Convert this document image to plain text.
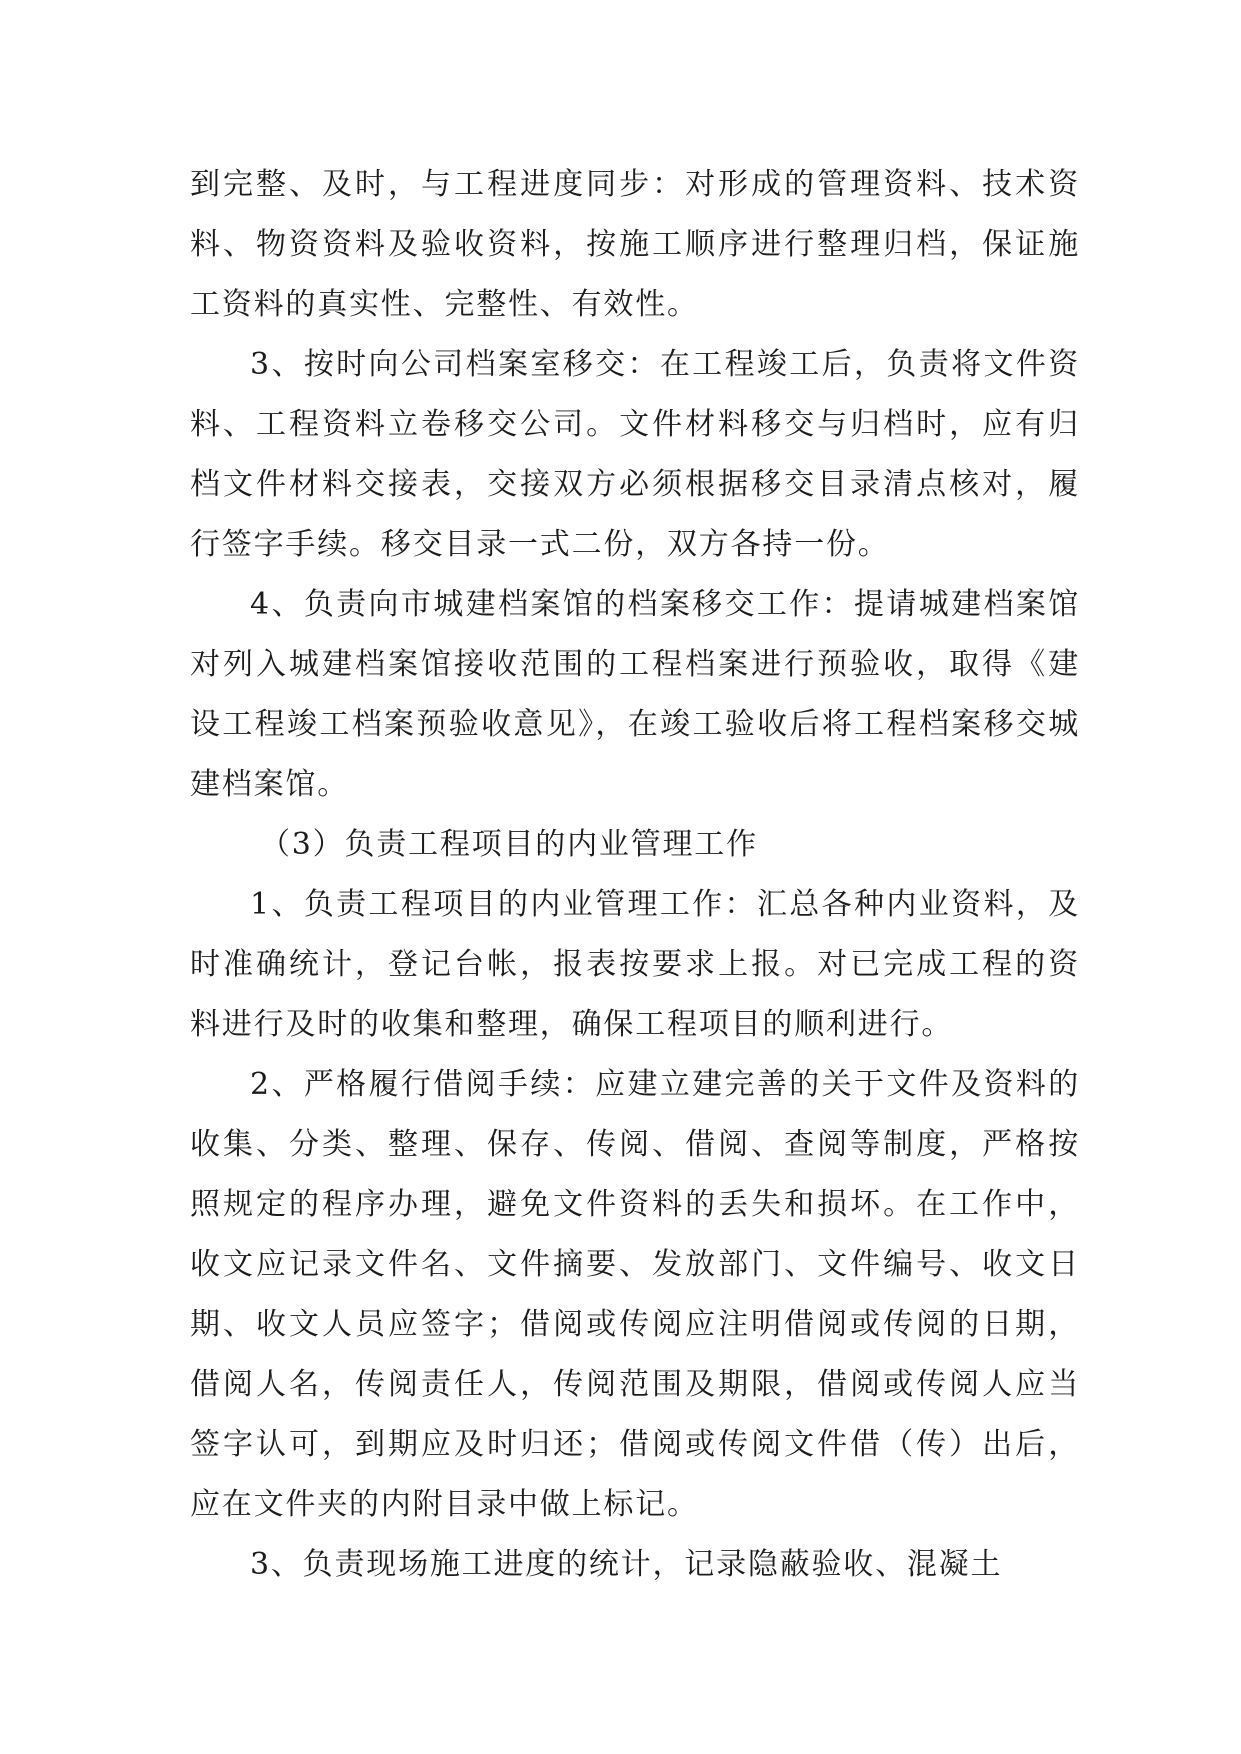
到完整、及时，与工程进度同步：对形成的管理资料、技术资料、物资资料及验收资料，按施工顺序进行整理归档，保证施工资料的真实性、完整性、有效性。

3、按时向公司档案室移交：在工程竣工后，负责将文件资料、工程资料立卷移交公司。文件材料移交与归档时，应有归档文件材料交接表，交接双方必须根据移交目录清点核对，履行签字手续。移交目录一式二份，双方各持一份。

4、负责向市城建档案馆的档案移交工作：提请城建档案馆对列入城建档案馆接收范围的工程档案进行预验收，取得《建设工程竣工档案预验收意见》，在竣工验收后将工程档案移交城建档案馆。

（3）负责工程项目的内业管理工作

1、负责工程项目的内业管理工作：汇总各种内业资料，及时准确统计，登记台帐，报表按要求上报。对已完成工程的资料进行及时的收集和整理，确保工程项目的顺利进行。

2、严格履行借阅手续：应建立建完善的关于文件及资料的收集、分类、整理、保存、传阅、借阅、查阅等制度，严格按照规定的程序办理，避免文件资料的丢失和损坏。在工作中，收文应记录文件名、文件摘要、发放部门、文件编号、收文日期、收文人员应签字；借阅或传阅应注明借阅或传阅的日期，借阅人名，传阅责任人，传阅范围及期限，借阅或传阅人应当签字认可，到期应及时归还；借阅或传阅文件借（传）出后，应在文件夹的内附目录中做上标记。

3、负责现场施工进度的统计，记录隐蔽验收、混凝土
